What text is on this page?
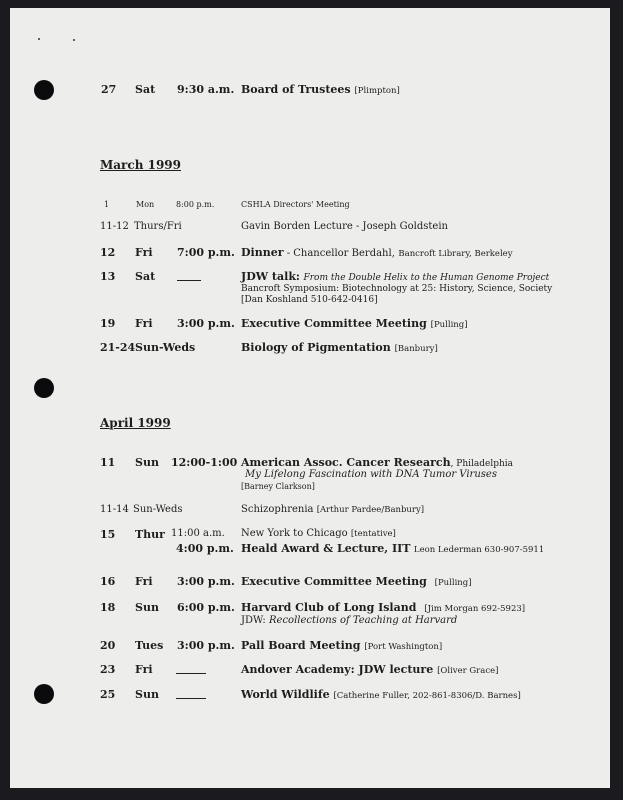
27 Sat 9:30 a.m. Board of Trustees [Plimpton]
March 1999
1	Mon	8:00 p.m.	CSHLA Directors' Meeting
11-12 Thurs/Fri	Gavin Borden Lecture - Joseph Goldstein
12 Fri 7:00 p.m. Dinner - Chancellor Berdahl, Bancroft Library, Berkeley
13 Sat	JDW talk: From the Double Helix to the Human Genome Project
Bancroft Symposium: Biotechnology at 25: History, Science, Society
[Dan Koshland 510-642-0416]
19 Fri 3:00 p.m. Executive Committee Meeting [Pulling]
21-24 Sun-Weds	Biology of Pigmentation [Banbury]
April 1999
11 Sun 12:00-1:00 American Assoc. Cancer Research, Philadelphia
My Lifelong Fascination with DNA Tumor Viruses
[Barney Clarkson]
11-14 Sun-Weds	Schizophrenia [Arthur Pardee/Banbury]
15 Thur 11:00 a.m. New York to Chicago [tentative]
4:00 p.m. Heald Award & Lecture, IIT Leon Lederman 630-907-5911
16 Fri 3:00 p.m. Executive Committee Meeting [Pulling]
18 Sun 6:00 p.m. Harvard Club of Long Island [Jim Morgan 692-5923]
JDW: Recollections of Teaching at Harvard
20 Tues 3:00 p.m. Pall Board Meeting [Port Washington]
23 Fri	Andover Academy: JDW lecture [Oliver Grace]
25 Sun	World Wildlife [Catherine Fuller, 202-861-8306/D. Barnes]
